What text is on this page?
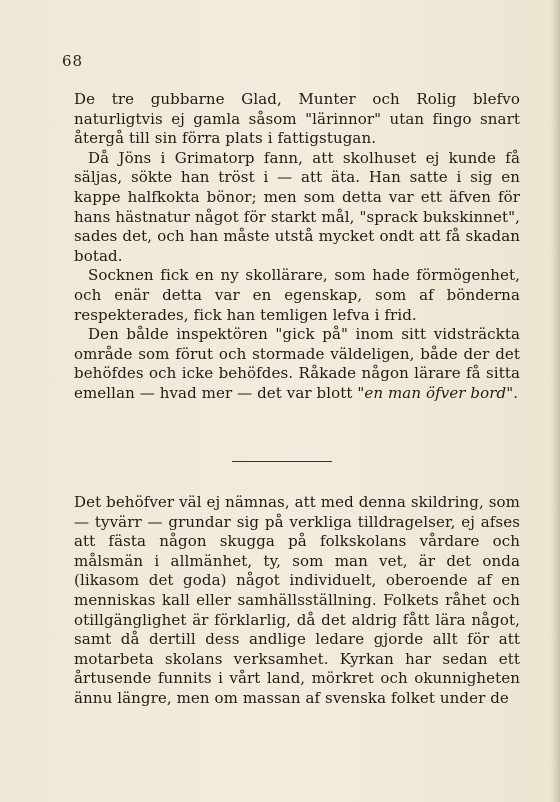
68

De tre gubbarne Glad, Munter och Rolig blefvo naturligtvis ej gamla såsom "lärinnor" utan fingo snart återgå till sin förra plats i fattigstugan.

Då Jöns i Grimatorp fann, att skolhuset ej kunde få säljas, sökte han tröst i — att äta. Han satte i sig en kappe halfkokta bönor; men som detta var ett äfven för hans hästnatur något för starkt mål, "sprack bukskinnet", sades det, och han måste utstå mycket ondt att få skadan botad.

Socknen fick en ny skollärare, som hade förmögenhet, och enär detta var en egenskap, som af bönderna respekterades, fick han temligen lefva i frid.

Den bålde inspektören "gick på" inom sitt vidsträckta område som förut och stormade väldeligen, både der det behöfdes och icke behöfdes. Råkade någon lärare få sitta emellan — hvad mer — det var blott "en man öfver bord".

Det behöfver väl ej nämnas, att med denna skildring, som — tyvärr — grundar sig på verkliga tilldragelser, ej afses att fästa någon skugga på folkskolans vårdare och målsmän i allmänhet, ty, som man vet, är det onda (likasom det goda) något individuelt, oberoende af en menniskas kall eller samhällsställning. Folkets råhet och otillgänglighet är förklarlig, då det aldrig fått lära något, samt då dertill dess andlige ledare gjorde allt för att motarbeta skolans verksamhet. Kyrkan har sedan ett årtusende funnits i vårt land, mörkret och okunnigheten ännu längre, men om massan af svenska folket under de
